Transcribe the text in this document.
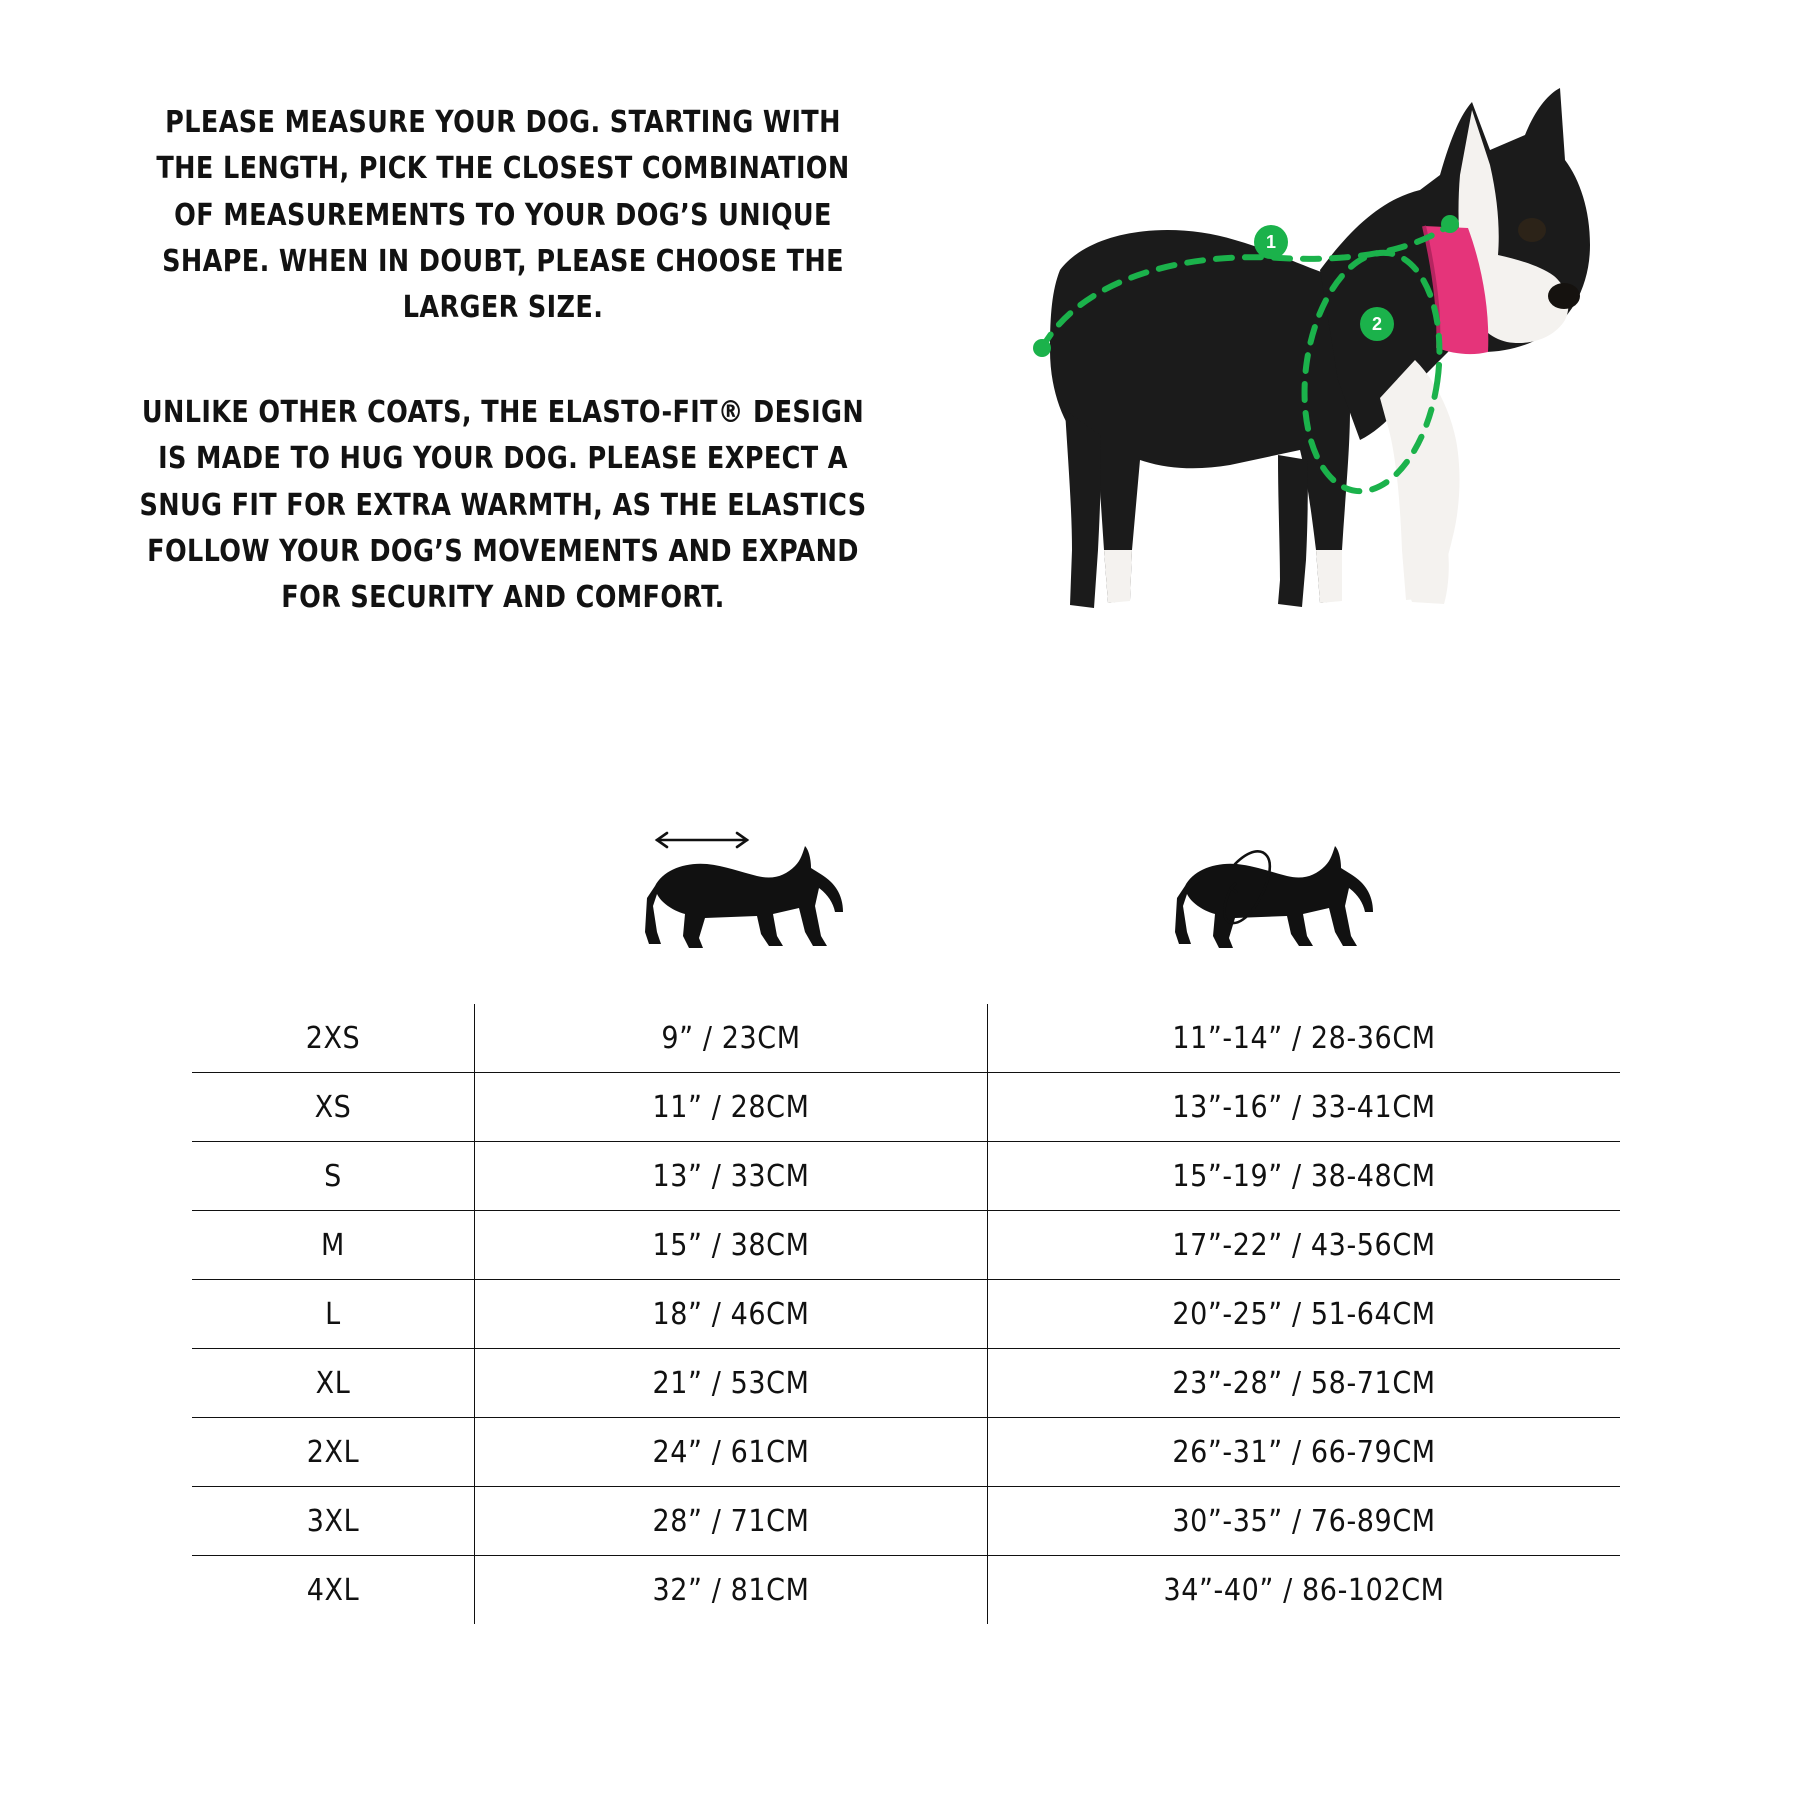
PLEASE MEASURE YOUR DOG. STARTING WITH THE LENGTH, PICK THE CLOSEST COMBINATION OF MEASUREMENTS TO YOUR DOG’S UNIQUE SHAPE. WHEN IN DOUBT, PLEASE CHOOSE THE LARGER SIZE.

UNLIKE OTHER COATS, THE ELASTO-FIT® DESIGN IS MADE TO HUG YOUR DOG. PLEASE EXPECT A SNUG FIT FOR EXTRA WARMTH, AS THE ELASTICS FOLLOW YOUR DOG’S MOVEMENTS AND EXPAND FOR SECURITY AND COMFORT.

1
2
2XS	9” / 23CM	11”-14” / 28-36CM
XS	11” / 28CM	13”-16” / 33-41CM
S	13” / 33CM	15”-19” / 38-48CM
M	15” / 38CM	17”-22” / 43-56CM
L	18” / 46CM	20”-25” / 51-64CM
XL	21” / 53CM	23”-28” / 58-71CM
2XL	24” / 61CM	26”-31” / 66-79CM
3XL	28” / 71CM	30”-35” / 76-89CM
4XL	32” / 81CM	34”-40” / 86-102CM
